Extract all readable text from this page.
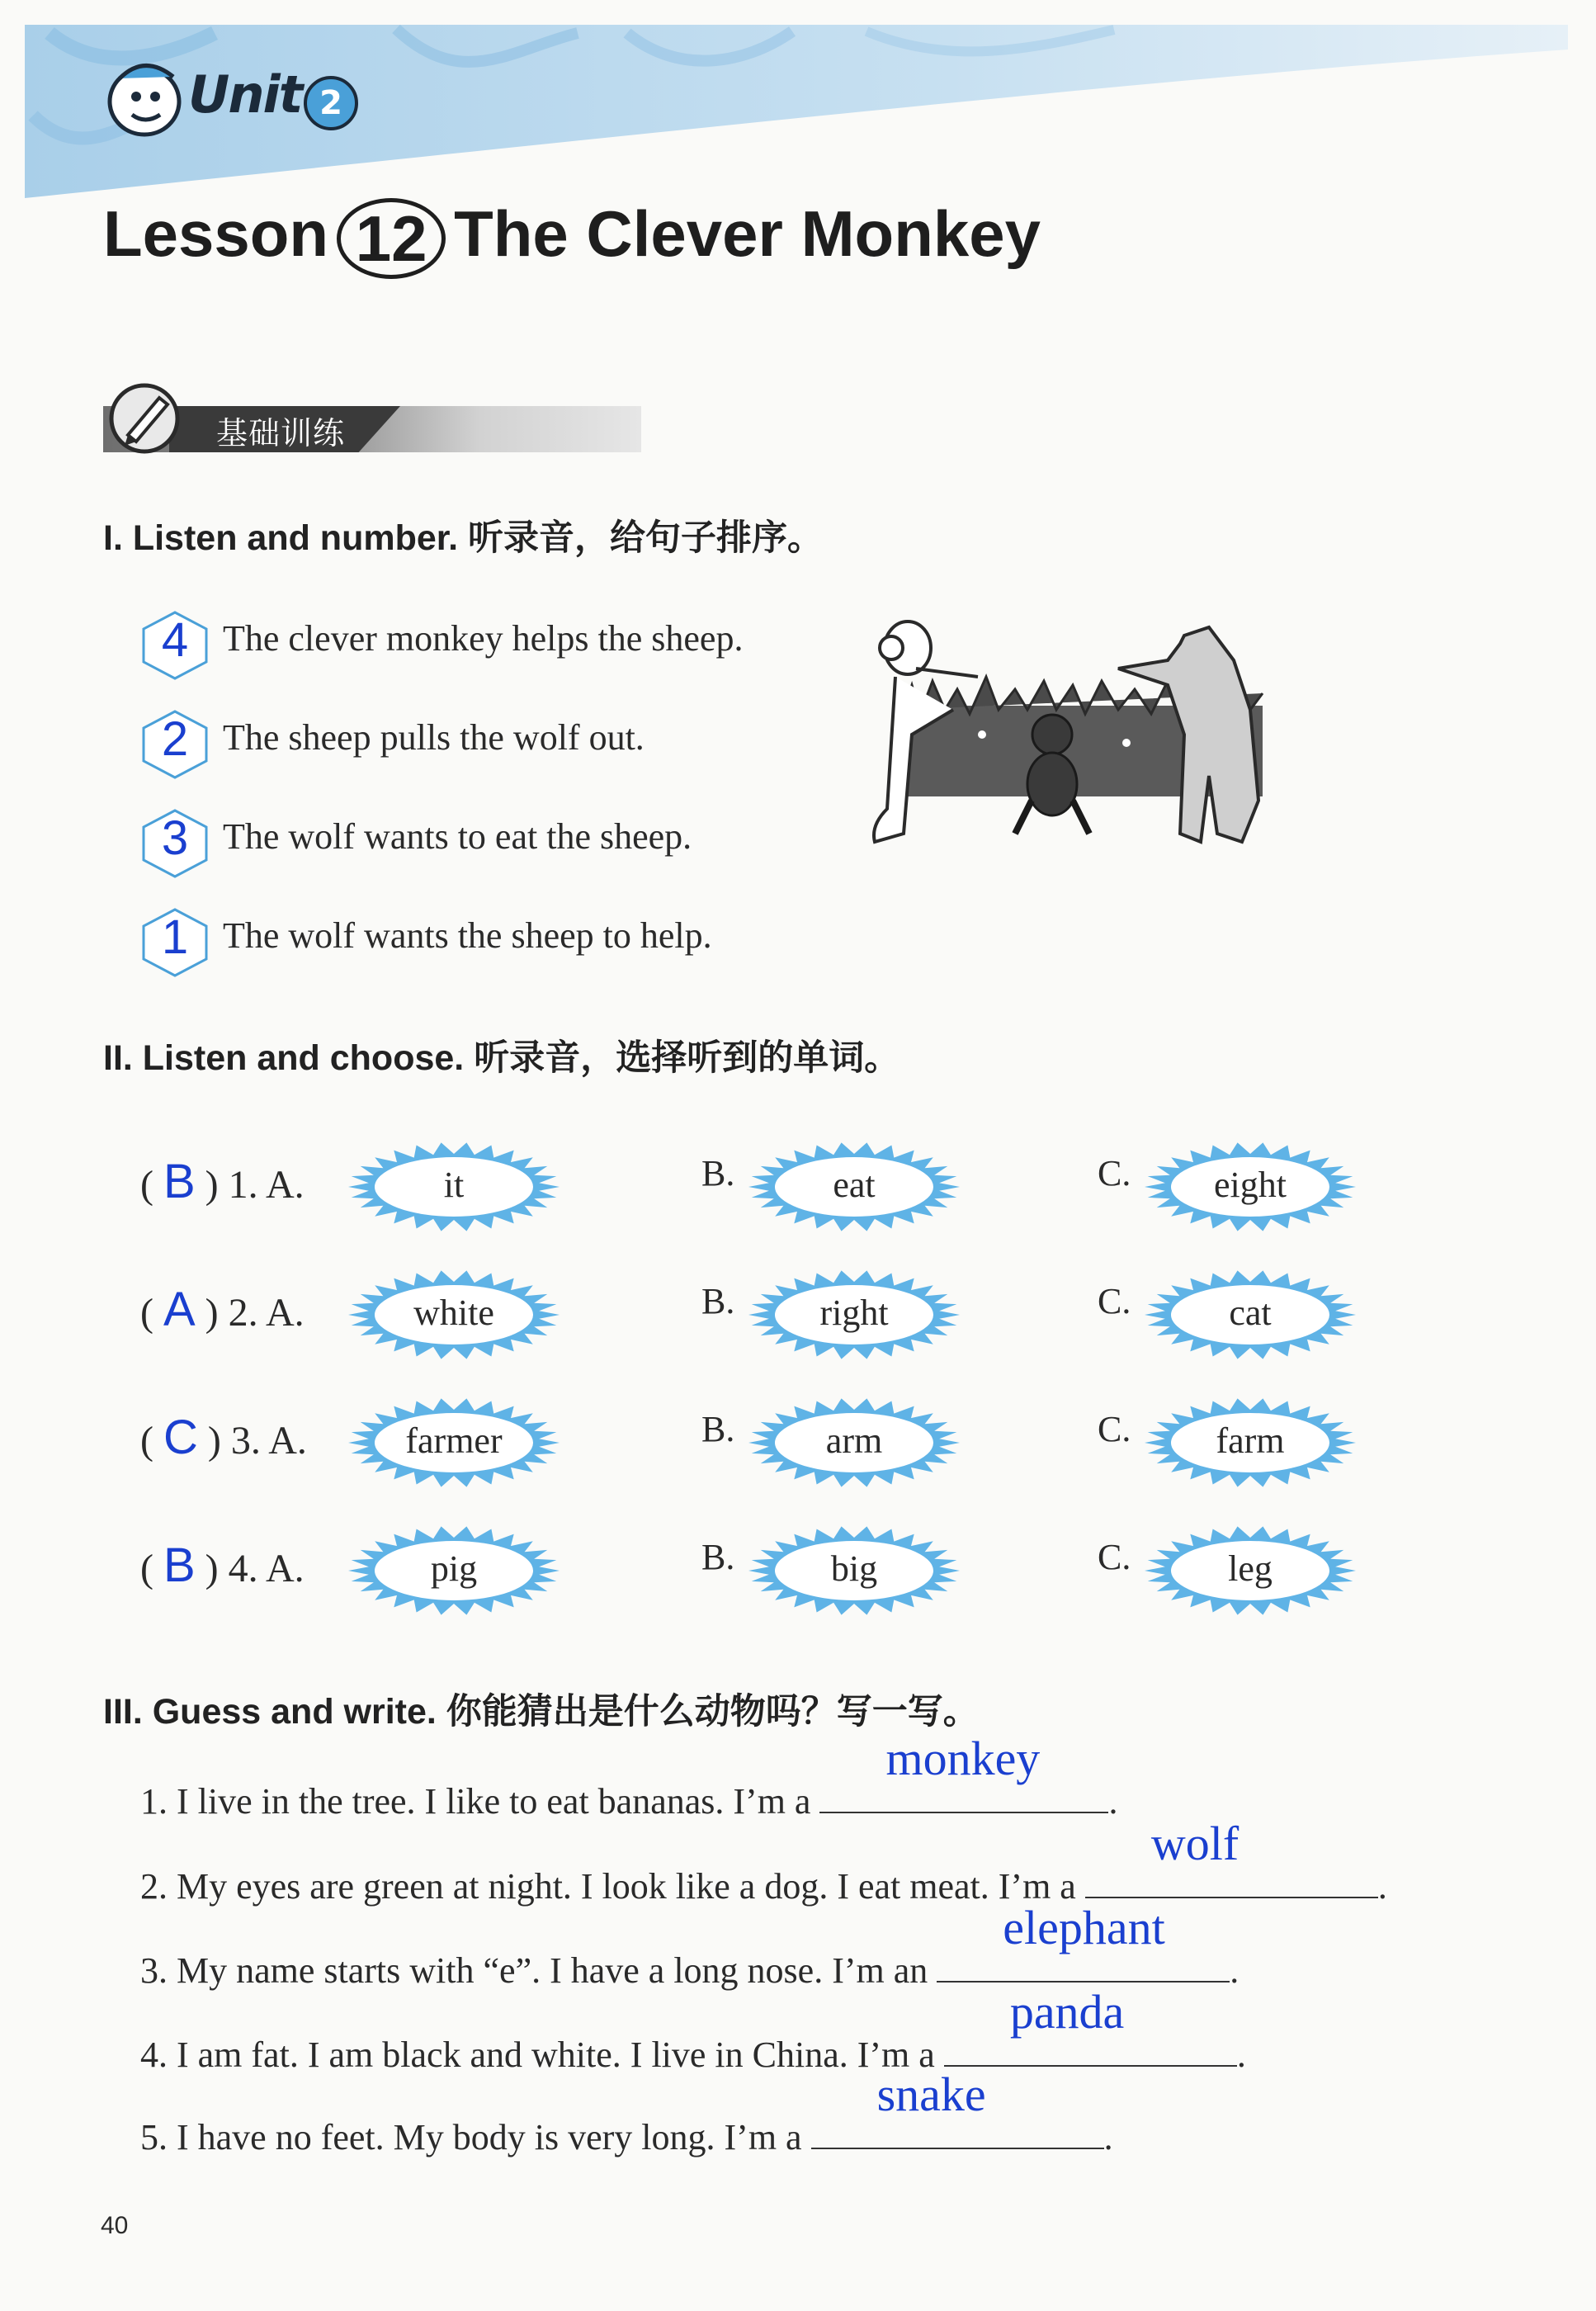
Unit 2
Lesson 12 The Clever Monkey
基础训练
I. Listen and number. 听录音，给句子排序。
II. Listen and choose. 听录音，选择听到的单词。
III. Guess and write. 你能猜出是什么动物吗？写一写。
40
4 The clever monkey helps the sheep.
2 The sheep pulls the wolf out.
3 The wolf wants to eat the sheep.
1 The wolf wants the sheep to help.
( B ) 1. A.	it	B.	eat	C.	eight
( A ) 2. A.	white	B.	right	C.	cat
( C ) 3. A.	farmer	B.	arm	C.	farm
( B ) 4. A.	pig	B.	big	C.	leg
1. I live in the tree. I like to eat bananas. I’m a
monkey
.
2. My eyes are green at night. I look like a dog. I eat meat. I’m a
wolf
.
3. My name starts with “e”. I have a long nose. I’m an
elephant
.
4. I am fat. I am black and white. I live in China. I’m a
panda
.
5. I have no feet. My body is very long. I’m a
snake
.
